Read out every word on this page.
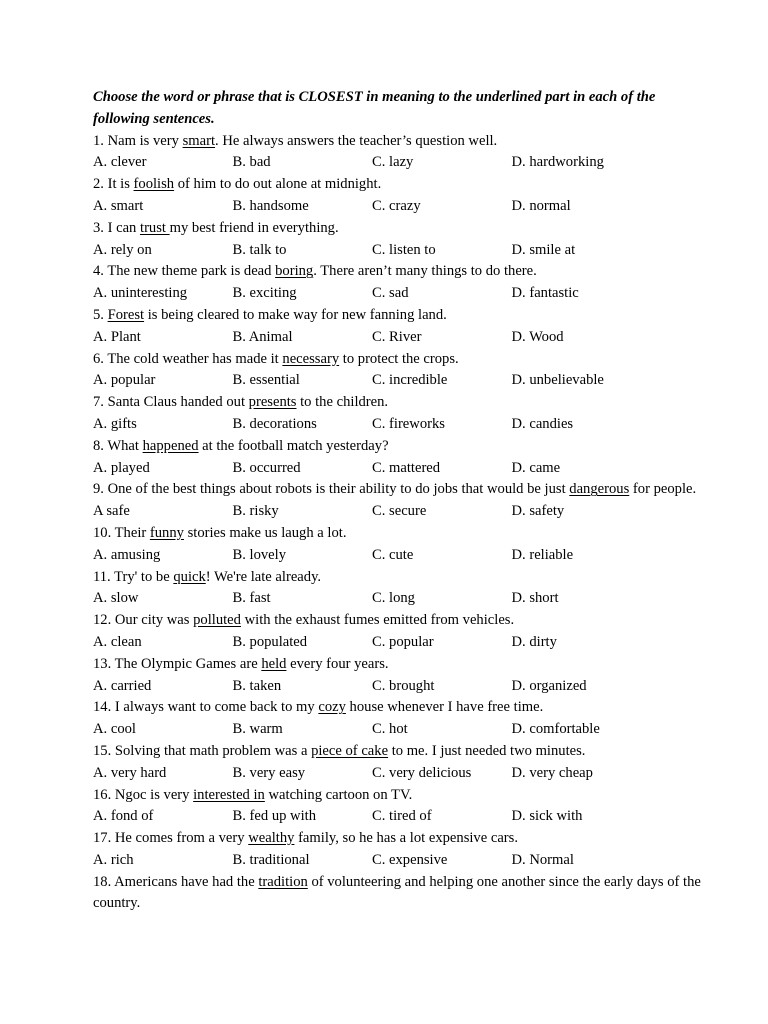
Choose the word or phrase that is CLOSEST in meaning to the underlined part in each of the following sentences.
1. Nam is very smart. He always answers the teacher’s question well.
A. clever	B. bad	C. lazy	D. hardworking
2. It is foolish of him to do out alone at midnight.
A. smart	B. handsome	C. crazy	D. normal
3. I can trust my best friend in everything.
A. rely on	B. talk to	C. listen to	D. smile at
4. The new theme park is dead boring. There aren’t many things to do there.
A. uninteresting	B. exciting	C. sad	D. fantastic
5. Forest is being cleared to make way for new fanning land.
A. Plant	B. Animal	C. River	D. Wood
6. The cold weather has made it necessary to protect the crops.
A. popular	B. essential	C. incredible	D. unbelievable
7. Santa Claus handed out presents to the children.
A. gifts	B. decorations	C. fireworks	D. candies
8. What happened at the football match yesterday?
A. played	B. occurred	C. mattered	D. came
9. One of the best things about robots is their ability to do jobs that would be just dangerous for people.
A safe	B. risky	C. secure	D. safety
10. Their funny stories make us laugh a lot.
A. amusing	B. lovely	C. cute	D. reliable
11. Try' to be quick! We're late already.
A. slow	B. fast	C. long	D. short
12. Our city was polluted with the exhaust fumes emitted from vehicles.
A. clean	B. populated	C. popular	D. dirty
13. The Olympic Games are held every four years.
A. carried	B. taken	C. brought	D. organized
14. I always want to come back to my cozy house whenever I have free time.
A. cool	B. warm	C. hot	D. comfortable
15. Solving that math problem was a piece of cake to me. I just needed two minutes.
A. very hard	B. very easy	C. very delicious	D. very cheap
16. Ngoc is very interested in watching cartoon on TV.
A. fond of	B. fed up with	C. tired of	D. sick with
17. He comes from a very wealthy family, so he has a lot expensive cars.
A. rich	B. traditional	C. expensive	D. Normal
18. Americans have had the tradition of volunteering and helping one another since the early days of the country.
